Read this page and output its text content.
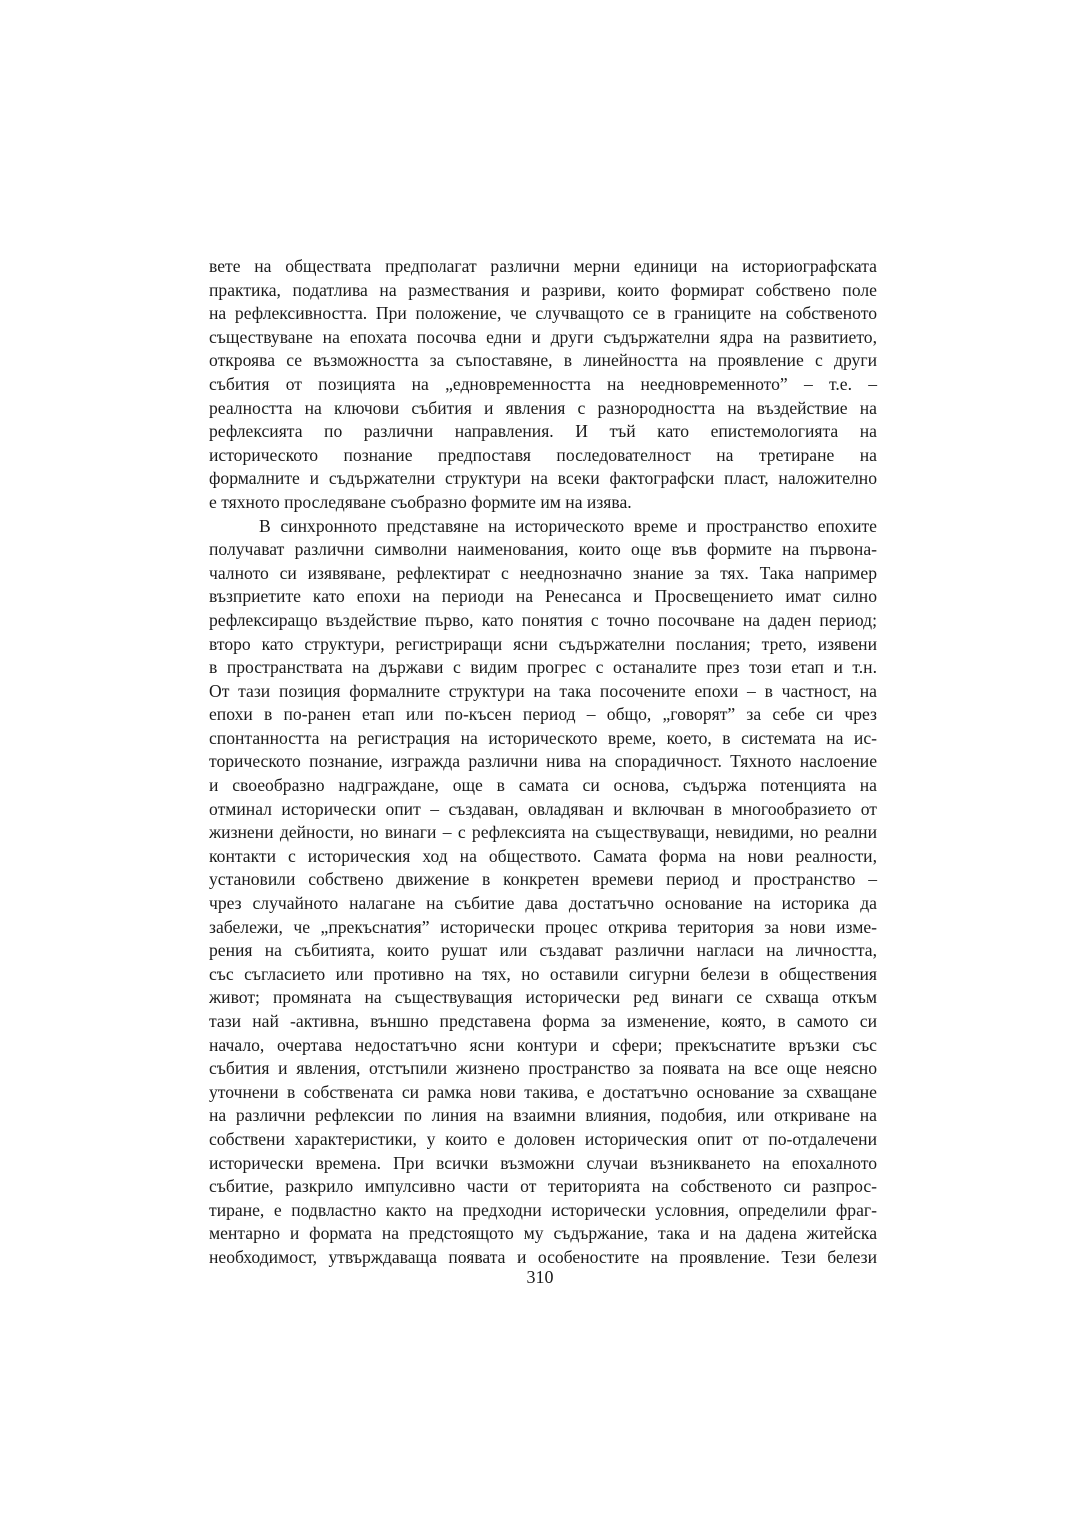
вете на обществата предполагат различни мерни единици на историографската
практика, податлива на размествания и разриви, които формират собствено поле
на рефлексивността. При положение, че случващото се в границите на собственото
съществуване на епохата посочва едни и други съдържателни ядра на развитието,
откроява се възможността за съпоставяне, в линейността на проявление с други
събития от позицията на „едновременността на неедновременното” – т.е. –
реалността на ключови събития и явления с разнородността на въздействие на
рефлексията по различни направления. И тъй като епистемологията на
историческото познание предпоставя последователност на третиране на
формалните и съдържателни структури на всеки фактографски пласт, наложително
е тяхното проследяване съобразно формите им на изява.
В синхронното представяне на историческото време и пространство епохите
получават различни символни наименования, които още във формите на първона-
чалното си изявяване, рефлектират с нееднозначно знание за тях. Така например
възприетите като епохи на периоди на Ренесанса и Просвещението имат силно
рефлексиращо въздействие първо, като понятия с точно посочване на даден период;
второ като структури, регистриращи ясни съдържателни послания; трето, изявени
в пространствата на държави с видим прогрес с останалите през този етап и т.н.
От тази позиция формалните структури на така посочените епохи – в частност, на
епохи в по-ранен етап или по-късен период – общо, „говорят” за себе си чрез
спонтанността на регистрация на историческото време, което, в системата на ис-
торическото познание, изгражда различни нива на спорадичност. Тяхното наслоение
и своеобразно надграждане, още в самата си основа, съдържа потенцията на
отминал исторически опит – създаван, овладяван и включван в многообразието от
жизнени дейности, но винаги – с рефлексията на съществуващи, невидими, но реални
контакти с историческия ход на обществото. Самата форма на нови реалности,
установили собствено движение в конкретен времеви период и пространство –
чрез случайното налагане на събитие дава достатъчно основание на историка да
забележи, че „прекъснатия” исторически процес открива територия за нови изме-
рения на събитията, които рушат или създават различни нагласи на личността,
със съгласието или противно на тях, но оставили сигурни белези в обществения
живот; промяната на съществуващия исторически ред винаги се схваща откъм
тази най -активна, външно представена форма за изменение, която, в самото си
начало, очертава недостатъчно ясни контури и сфери; прекъснатите връзки със
събития и явления, отстъпили жизнено пространство за появата на все още неясно
уточнени в собствената си рамка нови такива, е достатъчно основание за схващане
на различни рефлексии по линия на взаимни влияния, подобия, или откриване на
собствени характеристики, у които е доловен историческия опит от по-отдалечени
исторически времена. При всички възможни случаи възникването на епохалното
събитие, разкрило импулсивно части от територията на собственото си разпрос-
тиране, е подвластно както на предходни исторически условния, определили фраг-
ментарно и формата на предстоящото му съдържание, така и на дадена житейска
необходимост, утвърждаваща появата и особеностите на проявление. Тези белези
310
